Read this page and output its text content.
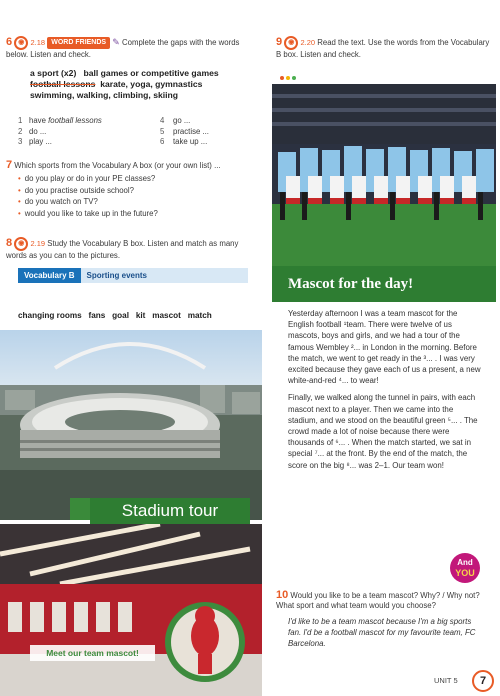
6 ◉ 2.18 WORD FRIENDS ✎ Complete the gaps with the words below. Listen and check.
a sport (x2)   ball games or competitive games
football lessons  karate, yoga, gymnastics
swimming, walking, climbing, skiing
1 have football lessons
2 do ...
3 play ...
4 go ...
5 practise ...
6 take up ...
7 Which sports from the Vocabulary A box (or your own list) ...
• do you play or do in your PE classes?
• do you practise outside school?
• do you watch on TV?
• would you like to take up in the future?
8 ◉ 2.19 Study the Vocabulary B box. Listen and match as many words as you can to the pictures.
Vocabulary B	Sporting events

changing rooms   fans   goal   kit   mascot   match

Stadium tour
Meet our team mascot!
9 ◉ 2.20 Read the text. Use the words from the Vocabulary B box. Listen and check.
Mascot for the day!

Yesterday afternoon I was a team mascot for the English football ¹team. There were twelve of us mascots, boys and girls, and we had a tour of the famous Wembley ²... in London in the morning. Before the match, we went to get ready in the ³... . I was very excited because they gave each of us a present, a new white-and-red ⁴... to wear!

Finally, we walked along the tunnel in pairs, with each mascot next to a player. Then we came into the stadium, and we stood on the beautiful green ⁵... . The crowd made a lot of noise because there were thousands of ⁶... . When the match started, we sat in special ⁷... at the front. By the end of the match, the score on the big ⁸... was 2–1. Our team won!

And
YOU
10 Would you like to be a team mascot? Why? / Why not? What sport and what team would you choose?
I'd like to be a team mascot because I'm a big sports fan. I'd be a football mascot for my favourite team, FC Barcelona.
UNIT 5	7
